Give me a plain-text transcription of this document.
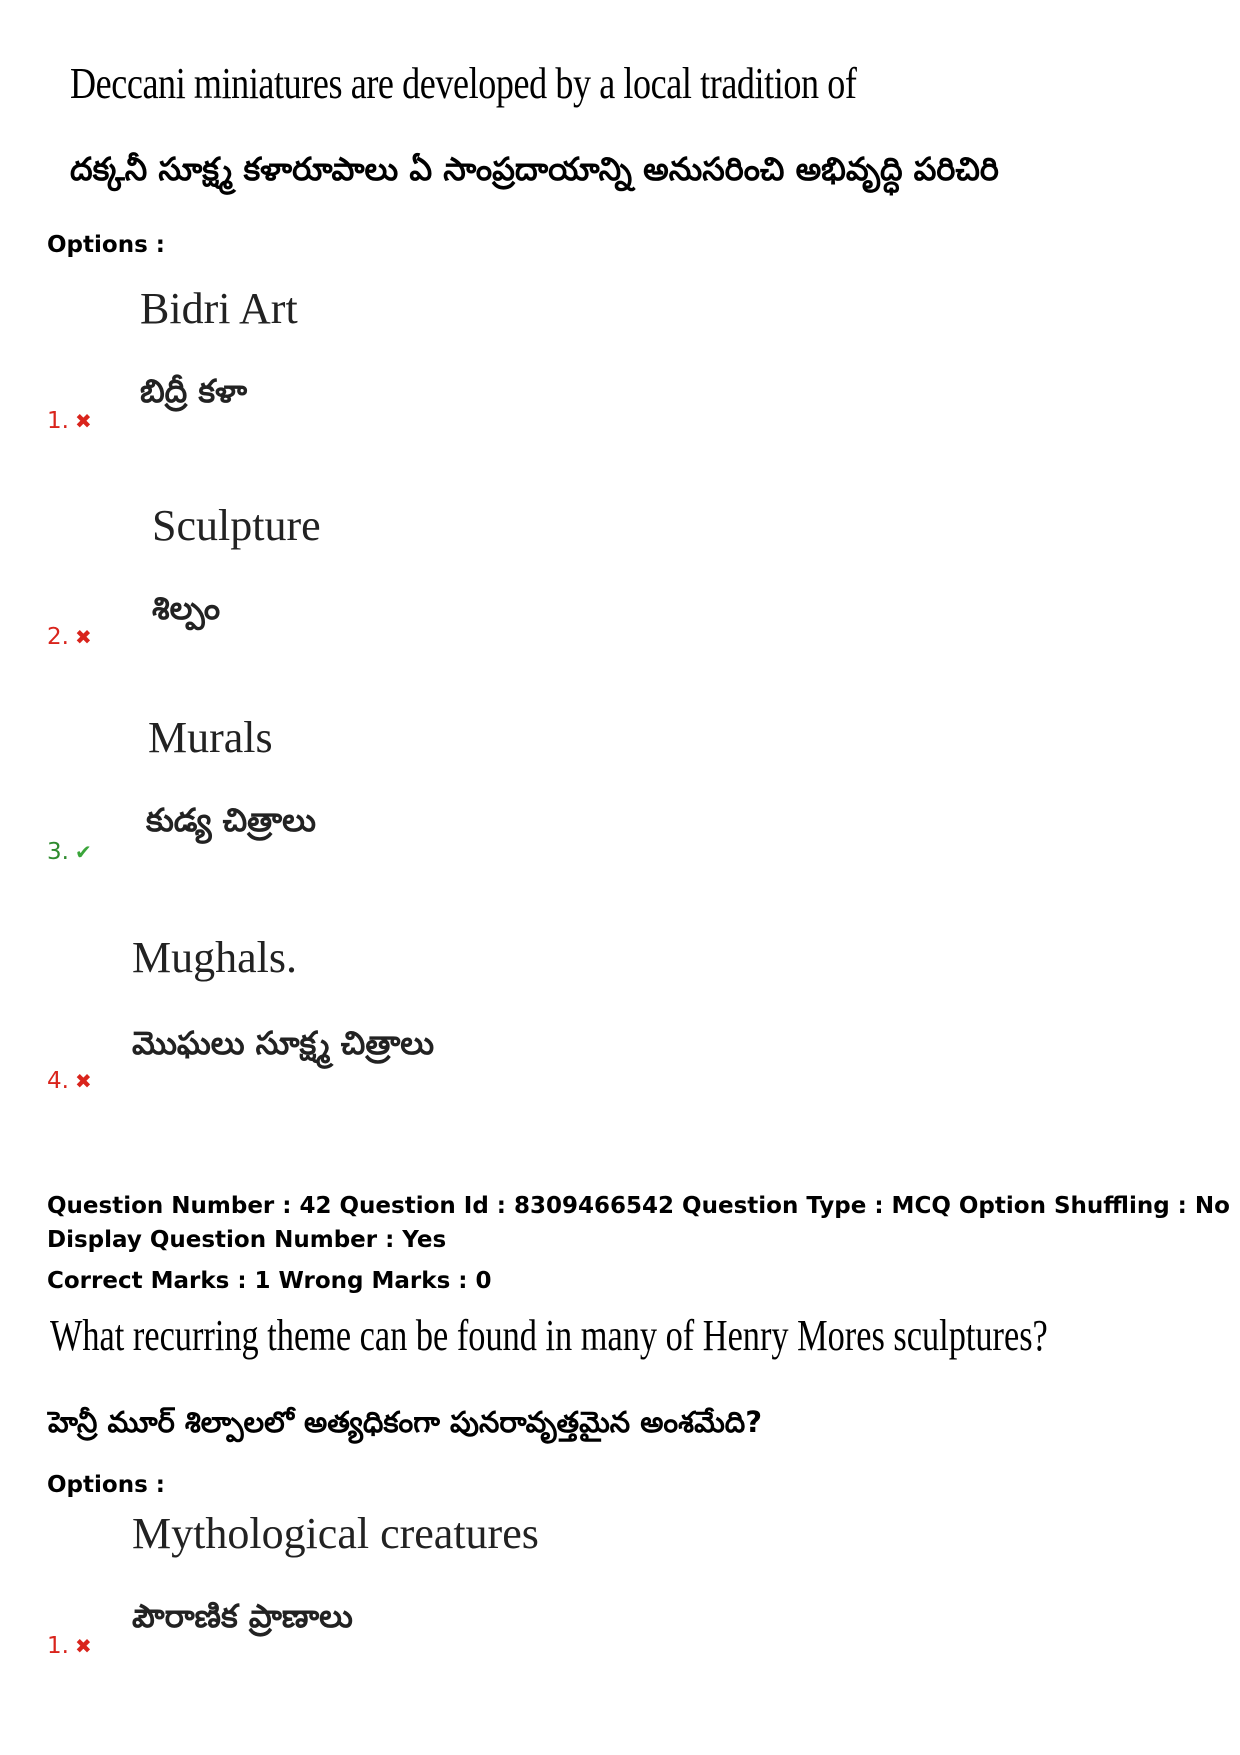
Deccani miniatures are developed by a local tradition of
దక్కనీ సూక్ష్మ కళారూపాలు ఏ సాంప్రదాయాన్ని అనుసరించి అభివృద్ధి పరిచిరి
Options :
Bidri Art
బిద్రీ కళా
1. ✖
Sculpture
శిల్పం
2. ✖
Murals
కుడ్య చిత్రాలు
3. ✔
Mughals.
మొఘలు సూక్ష్మ చిత్రాలు
4. ✖
Question Number : 42 Question Id : 8309466542 Question Type : MCQ Option Shuffling : No
Display Question Number : Yes
Correct Marks : 1 Wrong Marks : 0
What recurring theme can be found in many of Henry Mores sculptures?
హెన్రీ మూర్ శిల్పాలలో అత్యధికంగా పునరావృత్తమైన అంశమేది?
Options :
Mythological creatures
పౌరాణిక ప్రాణాలు
1. ✖
